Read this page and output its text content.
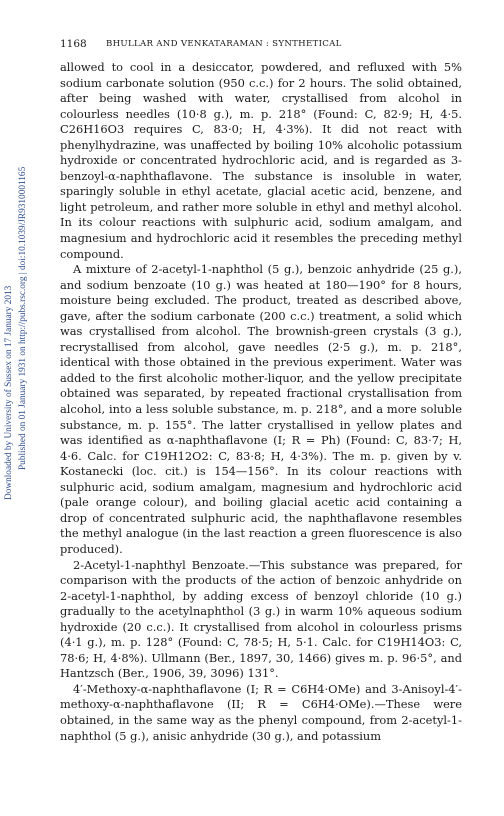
1168 BHULLAR AND VENKATARAMAN : SYNTHETICAL
Downloaded by University of Sussex on 17 January 2013 Published on 01 January 1931 on http://pubs.rsc.org | doi:10.1039/JR9310001165

allowed to cool in a desiccator, powdered, and refluxed with 5% sodium carbonate solution (950 c.c.) for 2 hours. The solid obtained, after being washed with water, crystallised from alcohol in colourless needles (10·8 g.), m. p. 218° (Found: C, 82·9; H, 4·5. C26H16O3 requires C, 83·0; H, 4·3%). It did not react with phenylhydrazine, was unaffected by boiling 10% alcoholic potassium hydroxide or concentrated hydrochloric acid, and is regarded as 3-benzoyl-α-naphthaflavone. The substance is insoluble in water, sparingly soluble in ethyl acetate, glacial acetic acid, benzene, and light petroleum, and rather more soluble in ethyl and methyl alcohol. In its colour reactions with sulphuric acid, sodium amalgam, and magnesium and hydrochloric acid it resembles the preceding methyl compound.

A mixture of 2-acetyl-1-naphthol (5 g.), benzoic anhydride (25 g.), and sodium benzoate (10 g.) was heated at 180—190° for 8 hours, moisture being excluded. The product, treated as described above, gave, after the sodium carbonate (200 c.c.) treatment, a solid which was crystallised from alcohol. The brownish-green crystals (3 g.), recrystallised from alcohol, gave needles (2·5 g.), m. p. 218°, identical with those obtained in the previous experiment. Water was added to the first alcoholic mother-liquor, and the yellow precipitate obtained was separated, by repeated fractional crystallisation from alcohol, into a less soluble substance, m. p. 218°, and a more soluble substance, m. p. 155°. The latter crystallised in yellow plates and was identified as α-naphthaflavone (I; R = Ph) (Found: C, 83·7; H, 4·6. Calc. for C19H12O2: C, 83·8; H, 4·3%). The m. p. given by v. Kostanecki (loc. cit.) is 154—156°. In its colour reactions with sulphuric acid, sodium amalgam, magnesium and hydrochloric acid (pale orange colour), and boiling glacial acetic acid containing a drop of concentrated sulphuric acid, the naphthaflavone resembles the methyl analogue (in the last reaction a green fluorescence is also produced).

2-Acetyl-1-naphthyl Benzoate.—This substance was prepared, for comparison with the products of the action of benzoic anhydride on 2-acetyl-1-naphthol, by adding excess of benzoyl chloride (10 g.) gradually to the acetylnaphthol (3 g.) in warm 10% aqueous sodium hydroxide (20 c.c.). It crystallised from alcohol in colourless prisms (4·1 g.), m. p. 128° (Found: C, 78·5; H, 5·1. Calc. for C19H14O3: C, 78·6; H, 4·8%). Ullmann (Ber., 1897, 30, 1466) gives m. p. 96·5°, and Hantzsch (Ber., 1906, 39, 3096) 131°.

4′-Methoxy-α-naphthaflavone (I; R = C6H4·OMe) and 3-Anisoyl-4′-methoxy-α-naphthaflavone (II; R = C6H4·OMe).—These were obtained, in the same way as the phenyl compound, from 2-acetyl-1-naphthol (5 g.), anisic anhydride (30 g.), and potassium
